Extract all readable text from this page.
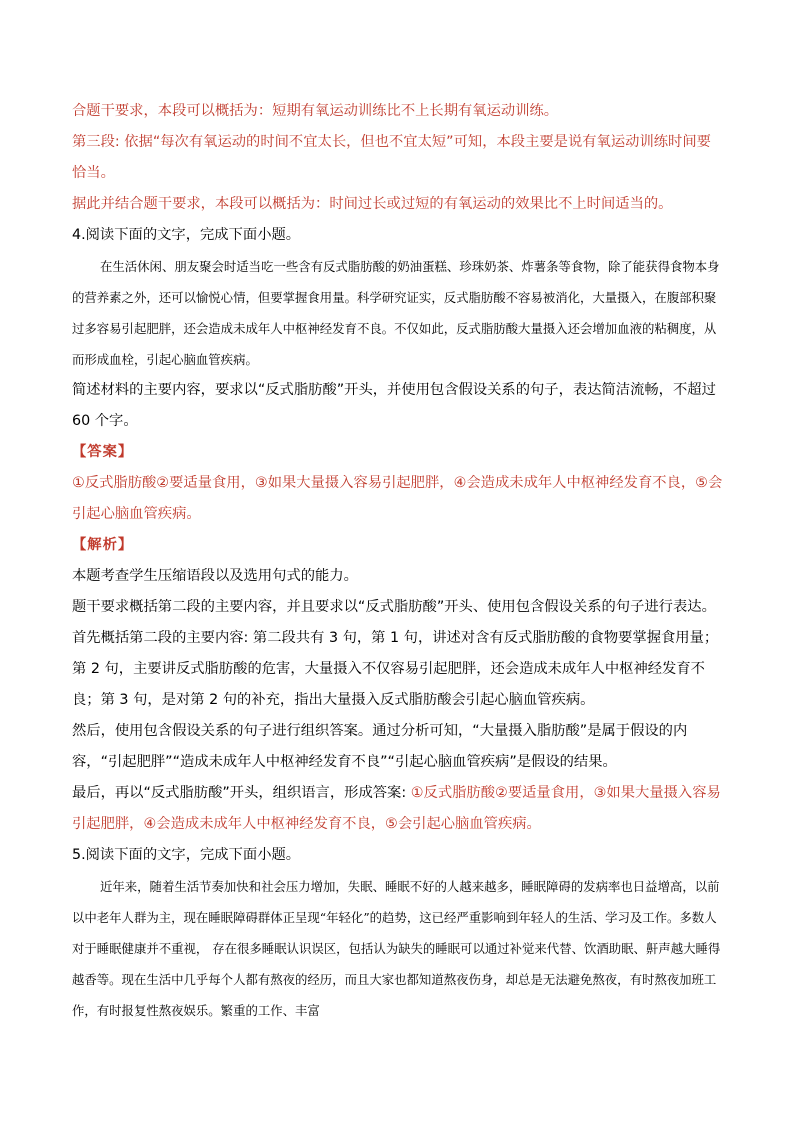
合题干要求，本段可以概括为：短期有氧运动训练比不上长期有氧运动训练。

第三段: 依据“每次有氧运动的时间不宜太长，但也不宜太短”可知，本段主要是说有氧运动训练时间要恰当。

据此并结合题干要求，本段可以概括为：时间过长或过短的有氧运动的效果比不上时间适当的。

4.阅读下面的文字，完成下面小题。

在生活休闲、朋友聚会时适当吃一些含有反式脂肪酸的奶油蛋糕、珍珠奶茶、炸薯条等食物，除了能获得食物本身的营养素之外，还可以愉悦心情，但要掌握食用量。科学研究证实，反式脂肪酸不容易被消化，大量摄入，在腹部积聚过多容易引起肥胖，还会造成未成年人中枢神经发育不良。不仅如此，反式脂肪酸大量摄入还会增加血液的粘稠度，从而形成血栓，引起心脑血管疾病。

简述材料的主要内容，要求以“反式脂肪酸”开头，并使用包含假设关系的句子，表达简洁流畅，不超过 60 个字。

【答案】

①反式脂肪酸②要适量食用，③如果大量摄入容易引起肥胖，④会造成未成年人中枢神经发育不良，⑤会引起心脑血管疾病。

【解析】

本题考查学生压缩语段以及选用句式的能力。

题干要求概括第二段的主要内容，并且要求以“反式脂肪酸”开头、使用包含假设关系的句子进行表达。

首先概括第二段的主要内容: 第二段共有 3 句，第 1 句，讲述对含有反式脂肪酸的食物要掌握食用量；第 2 句，主要讲反式脂肪酸的危害，大量摄入不仅容易引起肥胖，还会造成未成年人中枢神经发育不良；第 3 句，是对第 2 句的补充，指出大量摄入反式脂肪酸会引起心脑血管疾病。

然后，使用包含假设关系的句子进行组织答案。通过分析可知，“大量摄入脂肪酸”是属于假设的内容，“引起肥胖”“造成未成年人中枢神经发育不良”“引起心脑血管疾病”是假设的结果。

最后，再以“反式脂肪酸”开头，组织语言，形成答案: ①反式脂肪酸②要适量食用，③如果大量摄入容易引起肥胖，④会造成未成年人中枢神经发育不良，⑤会引起心脑血管疾病。

5.阅读下面的文字，完成下面小题。

近年来，随着生活节奏加快和社会压力增加，失眠、睡眠不好的人越来越多，睡眠障碍的发病率也日益增高，以前以中老年人群为主，现在睡眠障碍群体正呈现“年轻化”的趋势，这已经严重影响到年轻人的生活、学习及工作。多数人对于睡眠健康并不重视， 存在很多睡眠认识误区，包括认为缺失的睡眠可以通过补觉来代替、饮酒助眠、鼾声越大睡得越香等。现在生活中几乎每个人都有熬夜的经历，而且大家也都知道熬夜伤身，却总是无法避免熬夜，有时熬夜加班工作，有时报复性熬夜娱乐。繁重的工作、丰富
